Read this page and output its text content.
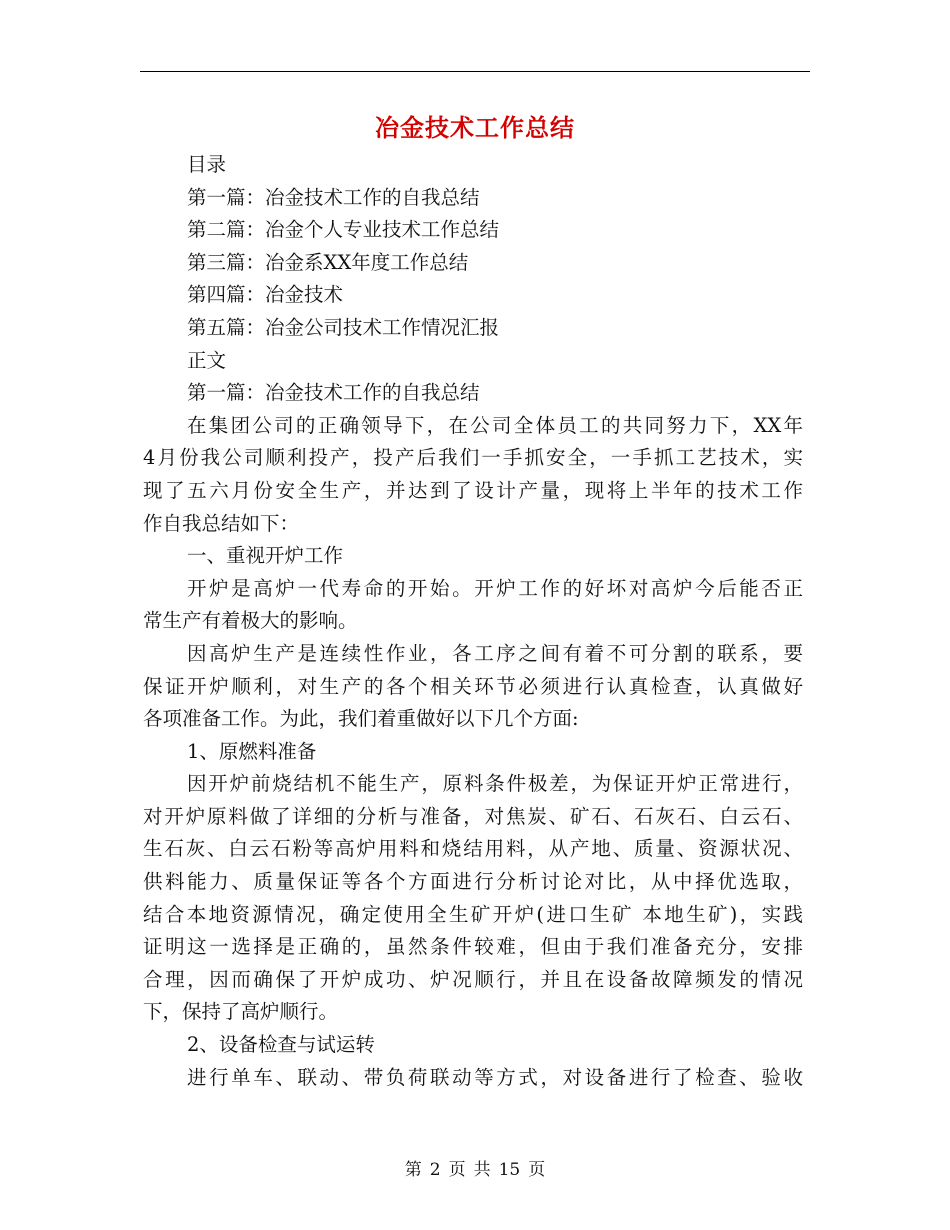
冶金技术工作总结
目录
第一篇：冶金技术工作的自我总结
第二篇：冶金个人专业技术工作总结
第三篇：冶金系XX年度工作总结
第四篇：冶金技术
第五篇：冶金公司技术工作情况汇报
正文
第一篇：冶金技术工作的自我总结
在集团公司的正确领导下，在公司全体员工的共同努力下，XX年
4月份我公司顺利投产，投产后我们一手抓安全，一手抓工艺技术，实
现了五六月份安全生产，并达到了设计产量，现将上半年的技术工作
作自我总结如下：
一、重视开炉工作
开炉是高炉一代寿命的开始。开炉工作的好坏对高炉今后能否正
常生产有着极大的影响。
因高炉生产是连续性作业，各工序之间有着不可分割的联系，要
保证开炉顺利，对生产的各个相关环节必须进行认真检查，认真做好
各项准备工作。为此，我们着重做好以下几个方面:
1、原燃料准备
因开炉前烧结机不能生产，原料条件极差，为保证开炉正常进行，
对开炉原料做了详细的分析与准备，对焦炭、矿石、石灰石、白云石、
生石灰、白云石粉等高炉用料和烧结用料，从产地、质量、资源状况、
供料能力、质量保证等各个方面进行分析讨论对比，从中择优选取，
结合本地资源情况，确定使用全生矿开炉(进口生矿 本地生矿)，实践
证明这一选择是正确的，虽然条件较难，但由于我们准备充分，安排
合理，因而确保了开炉成功、炉况顺行，并且在设备故障频发的情况
下，保持了高炉顺行。
2、设备检查与试运转
进行单车、联动、带负荷联动等方式，对设备进行了检查、验收
第 2 页 共 15 页
